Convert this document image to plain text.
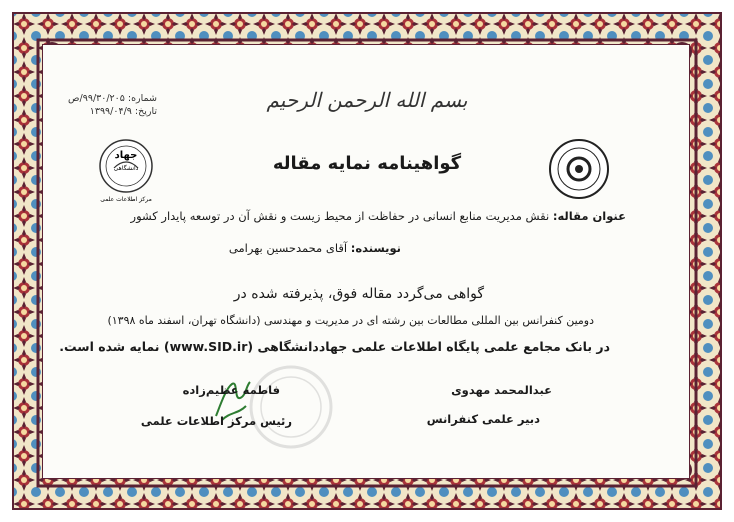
شماره: ۹۹/۳۰/۲۰۵/ص
تاریخ: ۱۳۹۹/۰۴/۹
جهاد
دانشگاهی
مرکز اطلاعات علمی
بسم الله الرحمن الرحیم
گواهینامه نمایه مقاله
عنوان مقاله: نقش مدیریت منابع انسانی در حفاظت از محیط زیست و نقش آن در توسعه پایدار کشور
نویسنده: آقای محمدحسین بهرامی
گواهی می‌گردد مقاله فوق، پذیرفته شده در
دومین کنفرانس بین المللی مطالعات بین رشته ای در مدیریت و مهندسی (دانشگاه تهران، اسفند ماه ۱۳۹۸)
در بانک مجامع علمی پایگاه اطلاعات علمی جهاددانشگاهی (www.SID.ir) نمایه شده است.
فاطمه عظیم‌زاده
رئیس مرکز اطلاعات علمی
عبدالمحمد مهدوی
دبیر علمی کنفرانس
